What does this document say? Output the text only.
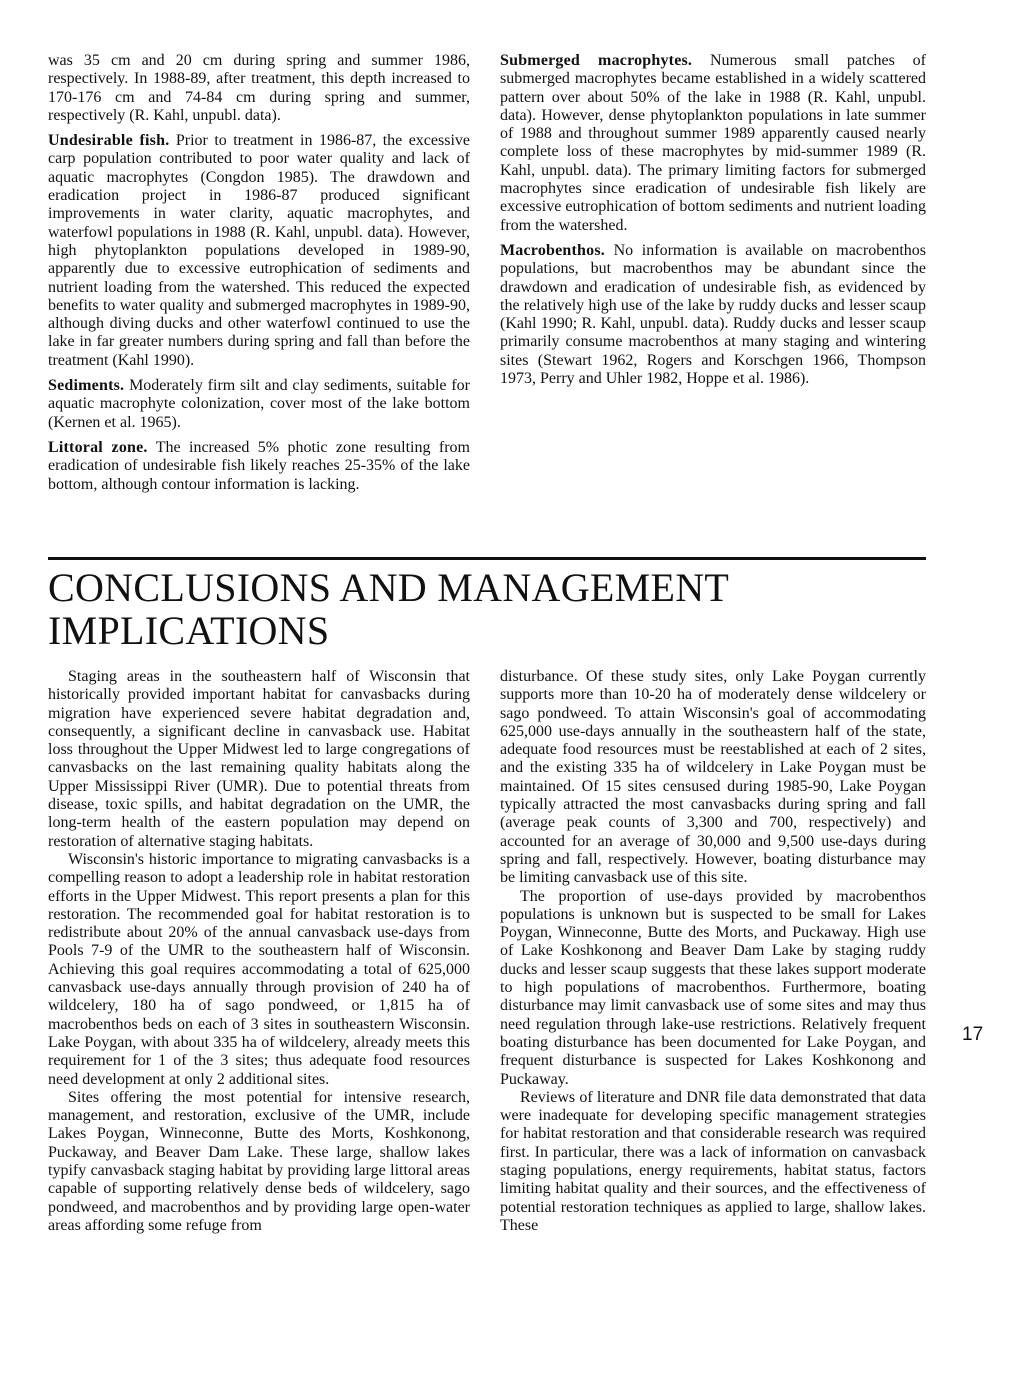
was 35 cm and 20 cm during spring and summer 1986, respectively. In 1988-89, after treatment, this depth increased to 170-176 cm and 74-84 cm during spring and summer, respectively (R. Kahl, unpubl. data).

Undesirable fish. Prior to treatment in 1986-87, the excessive carp population contributed to poor water quality and lack of aquatic macrophytes (Congdon 1985). The drawdown and eradication project in 1986-87 produced significant improvements in water clarity, aquatic macrophytes, and waterfowl populations in 1988 (R. Kahl, unpubl. data). However, high phytoplankton populations developed in 1989-90, apparently due to excessive eutrophication of sediments and nutrient loading from the watershed. This reduced the expected benefits to water quality and submerged macrophytes in 1989-90, although diving ducks and other waterfowl continued to use the lake in far greater numbers during spring and fall than before the treatment (Kahl 1990).

Sediments. Moderately firm silt and clay sediments, suitable for aquatic macrophyte colonization, cover most of the lake bottom (Kernen et al. 1965).

Littoral zone. The increased 5% photic zone resulting from eradication of undesirable fish likely reaches 25-35% of the lake bottom, although contour information is lacking.

Submerged macrophytes. Numerous small patches of submerged macrophytes became established in a widely scattered pattern over about 50% of the lake in 1988 (R. Kahl, unpubl. data). However, dense phytoplankton populations in late summer of 1988 and throughout summer 1989 apparently caused nearly complete loss of these macrophytes by mid-summer 1989 (R. Kahl, unpubl. data). The primary limiting factors for submerged macrophytes since eradication of undesirable fish likely are excessive eutrophication of bottom sediments and nutrient loading from the watershed.

Macrobenthos. No information is available on macrobenthos populations, but macrobenthos may be abundant since the drawdown and eradication of undesirable fish, as evidenced by the relatively high use of the lake by ruddy ducks and lesser scaup (Kahl 1990; R. Kahl, unpubl. data). Ruddy ducks and lesser scaup primarily consume macrobenthos at many staging and wintering sites (Stewart 1962, Rogers and Korschgen 1966, Thompson 1973, Perry and Uhler 1982, Hoppe et al. 1986).

CONCLUSIONS AND MANAGEMENT
IMPLICATIONS

Staging areas in the southeastern half of Wisconsin that historically provided important habitat for canvasbacks during migration have experienced severe habitat degradation and, consequently, a significant decline in canvasback use. Habitat loss throughout the Upper Midwest led to large congregations of canvasbacks on the last remaining quality habitats along the Upper Mississippi River (UMR). Due to potential threats from disease, toxic spills, and habitat degradation on the UMR, the long-term health of the eastern population may depend on restoration of alternative staging habitats.

Wisconsin's historic importance to migrating canvasbacks is a compelling reason to adopt a leadership role in habitat restoration efforts in the Upper Midwest. This report presents a plan for this restoration. The recommended goal for habitat restoration is to redistribute about 20% of the annual canvasback use-days from Pools 7-9 of the UMR to the southeastern half of Wisconsin. Achieving this goal requires accommodating a total of 625,000 canvasback use-days annually through provision of 240 ha of wildcelery, 180 ha of sago pondweed, or 1,815 ha of macrobenthos beds on each of 3 sites in southeastern Wisconsin. Lake Poygan, with about 335 ha of wildcelery, already meets this requirement for 1 of the 3 sites; thus adequate food resources need development at only 2 additional sites.

Sites offering the most potential for intensive research, management, and restoration, exclusive of the UMR, include Lakes Poygan, Winneconne, Butte des Morts, Koshkonong, Puckaway, and Beaver Dam Lake. These large, shallow lakes typify canvasback staging habitat by providing large littoral areas capable of supporting relatively dense beds of wildcelery, sago pondweed, and macrobenthos and by providing large open-water areas affording some refuge from

disturbance. Of these study sites, only Lake Poygan currently supports more than 10-20 ha of moderately dense wildcelery or sago pondweed. To attain Wisconsin's goal of accommodating 625,000 use-days annually in the southeastern half of the state, adequate food resources must be reestablished at each of 2 sites, and the existing 335 ha of wildcelery in Lake Poygan must be maintained. Of 15 sites censused during 1985-90, Lake Poygan typically attracted the most canvasbacks during spring and fall (average peak counts of 3,300 and 700, respectively) and accounted for an average of 30,000 and 9,500 use-days during spring and fall, respectively. However, boating disturbance may be limiting canvasback use of this site.

The proportion of use-days provided by macrobenthos populations is unknown but is suspected to be small for Lakes Poygan, Winneconne, Butte des Morts, and Puckaway. High use of Lake Koshkonong and Beaver Dam Lake by staging ruddy ducks and lesser scaup suggests that these lakes support moderate to high populations of macrobenthos. Furthermore, boating disturbance may limit canvasback use of some sites and may thus need regulation through lake-use restrictions. Relatively frequent boating disturbance has been documented for Lake Poygan, and frequent disturbance is suspected for Lakes Koshkonong and Puckaway.

Reviews of literature and DNR file data demonstrated that data were inadequate for developing specific management strategies for habitat restoration and that considerable research was required first. In particular, there was a lack of information on canvasback staging populations, energy requirements, habitat status, factors limiting habitat quality and their sources, and the effectiveness of potential restoration techniques as applied to large, shallow lakes. These

17
